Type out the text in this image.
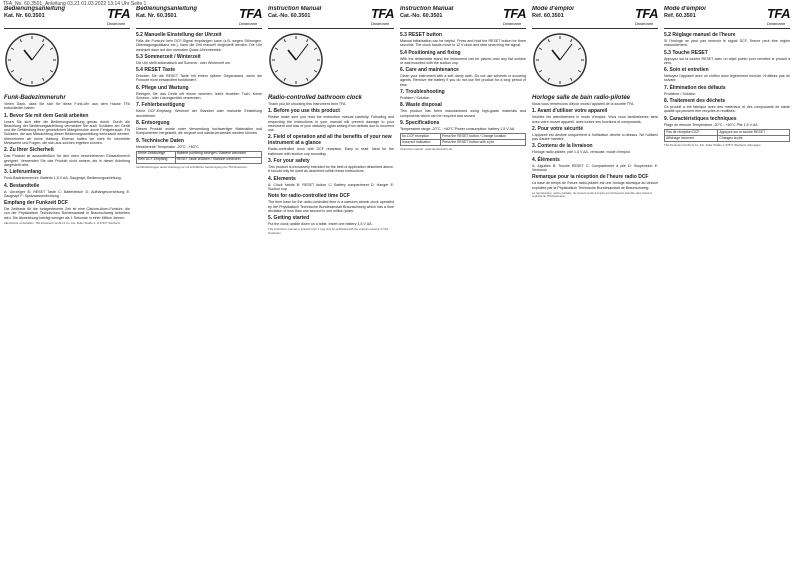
TFA_No. 60.3501_Anleitung 03.21 01.03.2022 13:14 Uhr Seite 1
Bedienungsanleitung
Kat. Nr. 60.3501	TFA
Dostmann
Funk-Badezimmeruhr
Vielen Dank, dass Sie sich für diese Funk-Uhr aus dem Hause TFA entschieden haben.
1. Bevor Sie mit dem Gerät arbeiten
Lesen Sie sich bitte die Bedienungsanleitung genau durch. Durch die Beachtung der Bedienungsanleitung vermeiden Sie auch Schäden am Gerät und die Gefährdung Ihrer gesetzlichen Mängelrechte durch Fehlgebrauch. Für Schäden, die aus Missachtung dieser Bedienungsanleitung verursacht werden, übernehmen wir keine Haftung. Ebenso haften wir nicht für inkorrekte Messwerte und Folgen, die sich aus solchen ergeben können.
2. Zu Ihrer Sicherheit
Das Produkt ist ausschließlich für den oben beschriebenen Einsatzbereich geeignet. Verwenden Sie das Produkt nicht anders, als in dieser Anleitung dargestellt wird.
3. Lieferumfang
Funk-Badezimmeruhr, Batterie 1,5 V AA, Saugnapf, Bedienungsanleitung.
4. Bestandteile
A: Uhrzeiger B: RESET Taste C: Batteriefach D: Aufhängevorrichtung E: Saugnapf F: Spritzwasserdichtung
Empfang der Funkzeit DCF
Die Zeitbasis für die funkgesteuerte Zeit ist eine Cäsium-Atom-Funkuhr, die von der Physikalisch Technischen Bundesanstalt in Braunschweig betrieben wird. Die Abweichung beträgt weniger als 1 Sekunde in einer Million Jahren.
Alle Rechte vorbehalten. TFA Dostmann GmbH & Co. KG, Zeller Straße 2, D-97877 Wertheim
Bedienungsanleitung
Kat. Nr. 60.3501	TFA
Dostmann
5.2 Manuelle Einstellung der Uhrzeit
Falls die Funkuhr kein DCF-Signal empfangen kann (z.B. wegen Störungen, Übertragungsdistanz etc.), kann die Zeit manuell eingestellt werden. Die Uhr wechselt dann auf den normalen Quarz-Uhrenbetrieb.
5.3 Sommerzeit / Winterzeit
Die Uhr stellt automatisch auf Sommer- oder Winterzeit um.
5.4 RESET Taste
Drücken Sie die RESET Taste mit einem spitzen Gegenstand, wenn die Funkuhr nicht einwandfrei funktioniert.
6. Pflege und Wartung
Reinigen Sie das Gerät mit einem weichen, leicht feuchten Tuch. Keine Scheuer- oder Lösungsmittel verwenden.
7. Fehlerbeseitigung
Keine DCF-Empfang: Wechsel der Standort oder manuelle Einstellung durchführen.
8. Entsorgung
Dieses Produkt wurde unter Verwendung hochwertiger Materialien und Komponenten hergestellt, die recycelt und wiederverwendet werden können.
9. Technische Daten
Messbereich Temperatur -20°C...+60°C
Keine Zeitanzeige	Batterie polrichtig einlegen / Batterie wechseln
Kein DCF-Empfang	RESET Taste drücken / Standort wechseln
Veröffentlichungen dieser Anleitung nur mit schriftlicher Genehmigung von TFA Dostmann.
Instruction Manual
Cat.-No. 60.3501	TFA
Dostmann
Radio-controlled bathroom clock
Thank you for choosing this instrument from TFA.
1. Before you use this product
Please make sure you read the instruction manual carefully. Following and respecting the instructions in your manual will prevent damage to your instrument and loss of your statutory rights arising from defects due to incorrect use.
2. Field of operation and all the benefits of your new instrument at a glance
Radio-controlled clock with DCF reception. Easy to read. Ideal for the bathroom with suction cup mounting.
3. For your safety
This product is exclusively intended for the field of application described above. It should only be used as described within these instructions.
4. Elements
A: Clock hands B: RESET button C: Battery compartment D: Hanger E: Suction cup
Note for radio-controlled time DCF
The time base for the radio-controlled time is a caesium atomic clock operated by the Physikalisch Technische Bundesanstalt Braunschweig which has a time deviation of less than one second in one million years.
5. Getting started
Put the clock upside down on a table. Insert one battery 1.5 V AA.
This instruction manual or extracts from it may only be published with the express consent of TFA Dostmann.
Instruction Manual
Cat.-No. 60.3501	TFA
Dostmann
5.3 RESET button
Manual initialisation can be helpful. Press and hold the RESET button for three seconds. The clock hands move to 12 o'clock and start searching the signal.
5.4 Positioning and fixing
With the detachable stand the instrument can be placed onto any flat surface or wall mounted with the suction cup.
6. Care and maintenance
Clean your instrument with a soft damp cloth. Do not use solvents or scouring agents. Remove the battery if you do not use the product for a long period of time.
7. Troubleshooting
Problem / Solution
8. Waste disposal
This product has been manufactured using high-grade materials and components which can be recycled and reused.
9. Specifications
Temperature range -20°C...+60°C Power consumption: battery 1.5 V AA
No DCF reception	Press the RESET button / Change location
Incorrect indication	Press the RESET button with a pin
Instruction manual · www.tfa-dostmann.de
Mode d'emploi
Réf. 60.3501	TFA
Dostmann
Horloge salle de bain radio-pilotée
Nous vous remercions d'avoir choisi l'appareil de la société TFA.
1. Avant d'utiliser votre appareil
Veuillez lire attentivement le mode d'emploi. Vous vous familiariserez ainsi avec votre nouvel appareil, avec toutes ses fonctions et composants.
2. Pour votre sécurité
L'appareil est destiné uniquement à l'utilisation décrite ci-dessus. Ne l'utilisez pas d'autre manière.
3. Contenu de la livraison
Horloge radio-pilotée, pile 1,5 V AA, ventouse, mode d'emploi.
4. Éléments
A: Aiguilles B: Touche RESET C: Compartiment à pile D: Suspension E: Ventouse
Remarque pour la réception de l'heure radio DCF
La base de temps de l'heure radio-pilotée est une horloge atomique au césium exploitée par la Physikalisch Technische Bundesanstalt de Braunschweig.
La reproduction, même partielle, du présent mode d'emploi est strictement interdite sans l'accord explicite de TFA Dostmann.
Mode d'emploi
Réf. 60.3501	TFA
Dostmann
5.2 Réglage manuel de l'heure
Si l'horloge ne peut pas recevoir le signal DCF, l'heure peut être réglée manuellement.
5.3 Touche RESET
Appuyez sur la touche RESET avec un objet pointu pour remettre le produit à zéro.
6. Soin et entretien
Nettoyez l'appareil avec un chiffon doux légèrement humide. N'utilisez pas de solvant.
7. Élimination des défauts
Problème / Solution
8. Traitement des déchets
Ce produit a été fabriqué avec des matériaux et des composants de haute qualité qui peuvent être recyclés et réutilisés.
9. Caractéristiques techniques
Plage de mesure Température -20°C...+60°C Pile 1,5 V AA
Pas de réception DCF	Appuyez sur la touche RESET
Affichage incorrect	Changez la pile
TFA Dostmann GmbH & Co. KG, Zeller Straße 2, 97877 Wertheim, Allemagne
